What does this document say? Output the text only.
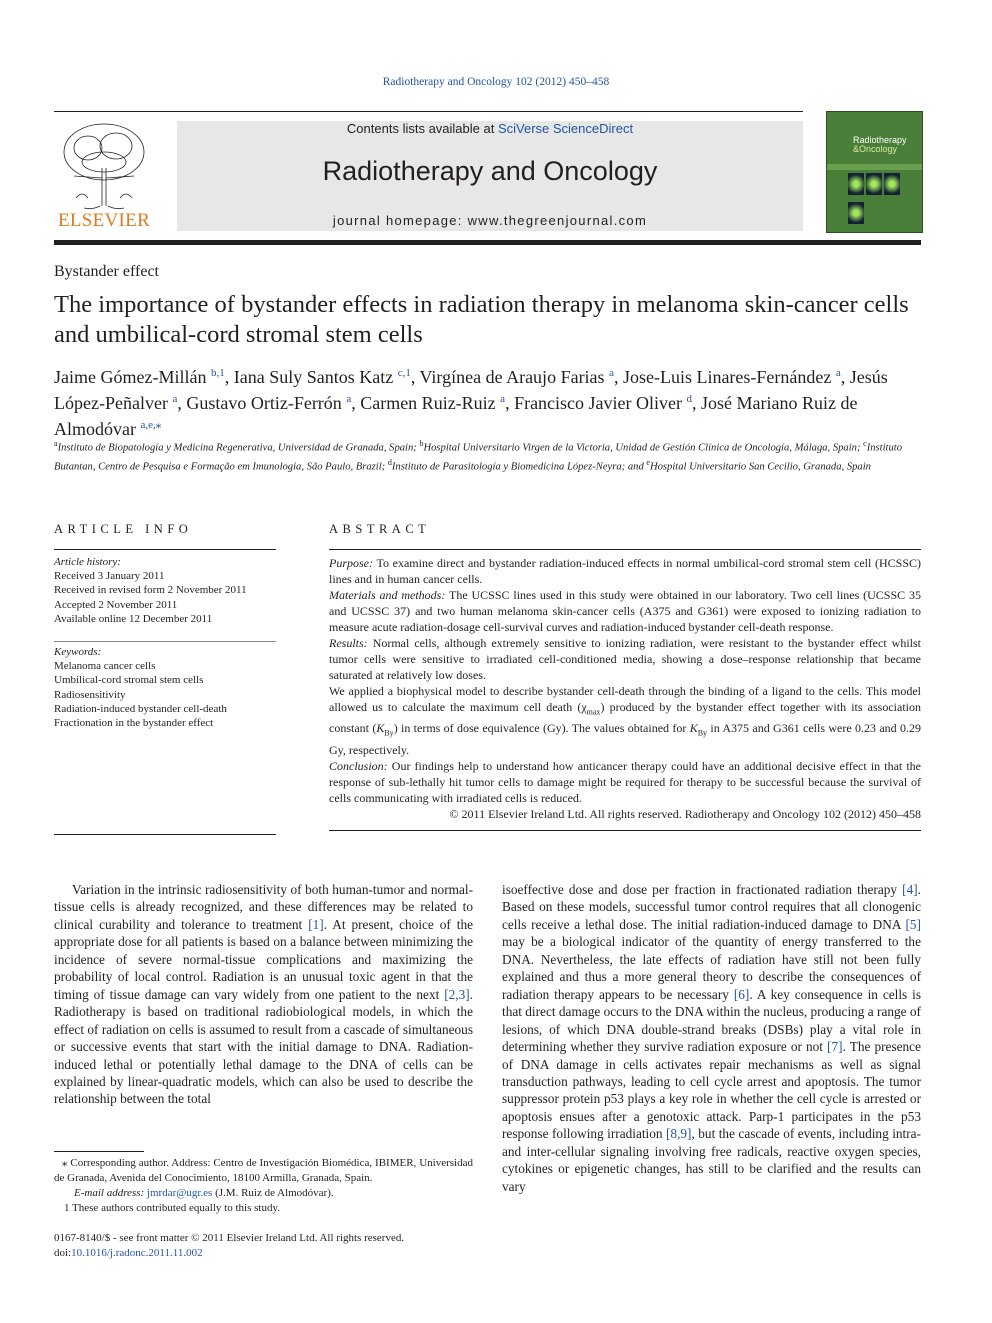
Radiotherapy and Oncology 102 (2012) 450–458
ELSEVIER
Contents lists available at SciVerse ScienceDirect
Radiotherapy and Oncology
journal homepage: www.thegreenjournal.com
Radiotherapy
&Oncology
Bystander effect
The importance of bystander effects in radiation therapy in melanoma skin-cancer cells and umbilical-cord stromal stem cells
Jaime Gómez-Millán $^{b,1}$, Iana Suly Santos Katz $^{c,1}$, Virgínea de Araujo Farias $^a$, Jose-Luis Linares-Fernández $^a$, Jesús López-Peñalver $^a$, Gustavo Ortiz-Ferrón $^a$, Carmen Ruiz-Ruiz $^a$, Francisco Javier Oliver $^d$, José Mariano Ruiz de Almodóvar $^{a,e,⁎}$
$^a$Instituto de Biopatología y Medicina Regenerativa, Universidad de Granada, Spain; $^b$Hospital Universitario Virgen de la Victoria, Unidad de Gestión Clínica de Oncología, Málaga, Spain; $^c$Instituto Butantan, Centro de Pesquisa e Formação em Imunologia, São Paulo, Brazil; $^d$Instituto de Parasitología y Biomedicina López-Neyra; and $^e$Hospital Universitario San Cecilio, Granada, Spain
ARTICLE INFO	ABSTRACT
Article history:
Received 3 January 2011
Received in revised form 2 November 2011
Accepted 2 November 2011
Available online 12 December 2011
Keywords:
Melanoma cancer cells
Umbilical-cord stromal stem cells
Radiosensitivity
Radiation-induced bystander cell-death
Fractionation in the bystander effect

Purpose: To examine direct and bystander radiation-induced effects in normal umbilical-cord stromal stem cell (HCSSC) lines and in human cancer cells.

Materials and methods: The UCSSC lines used in this study were obtained in our laboratory. Two cell lines (UCSSC 35 and UCSSC 37) and two human melanoma skin-cancer cells (A375 and G361) were exposed to ionizing radiation to measure acute radiation-dosage cell-survival curves and radiation-induced bystander cell-death response.

Results: Normal cells, although extremely sensitive to ionizing radiation, were resistant to the bystander effect whilst tumor cells were sensitive to irradiated cell-conditioned media, showing a dose–response relationship that became saturated at relatively low doses.

We applied a biophysical model to describe bystander cell-death through the binding of a ligand to the cells. This model allowed us to calculate the maximum cell death $(\chi_{max})$ produced by the bystander effect together with its association constant $(K_{By})$ in terms of dose equivalence (Gy). The values obtained for $K_{By}$ in A375 and G361 cells were 0.23 and 0.29 Gy, respectively.

Conclusion: Our findings help to understand how anticancer therapy could have an additional decisive effect in that the response of sub-lethally hit tumor cells to damage might be required for therapy to be successful because the survival of cells communicating with irradiated cells is reduced.

© 2011 Elsevier Ireland Ltd. All rights reserved. Radiotherapy and Oncology 102 (2012) 450–458

Variation in the intrinsic radiosensitivity of both human-tumor and normal-tissue cells is already recognized, and these differences may be related to clinical curability and tolerance to treatment [1]. At present, choice of the appropriate dose for all patients is based on a balance between minimizing the incidence of severe normal-tissue complications and maximizing the probability of local control. Radiation is an unusual toxic agent in that the timing of tissue damage can vary widely from one patient to the next [2,3]. Radiotherapy is based on traditional radiobiological models, in which the effect of radiation on cells is assumed to result from a cascade of simultaneous or successive events that start with the initial damage to DNA. Radiation-induced lethal or potentially lethal damage to the DNA of cells can be explained by linear-quadratic models, which can also be used to describe the relationship between the total

isoeffective dose and dose per fraction in fractionated radiation therapy [4]. Based on these models, successful tumor control requires that all clonogenic cells receive a lethal dose. The initial radiation-induced damage to DNA [5] may be a biological indicator of the quantity of energy transferred to the DNA. Nevertheless, the late effects of radiation have still not been fully explained and thus a more general theory to describe the consequences of radiation therapy appears to be necessary [6]. A key consequence in cells is that direct damage occurs to the DNA within the nucleus, producing a range of lesions, of which DNA double-strand breaks (DSBs) play a vital role in determining whether they survive radiation exposure or not [7]. The presence of DNA damage in cells activates repair mechanisms as well as signal transduction pathways, leading to cell cycle arrest and apoptosis. The tumor suppressor protein p53 plays a key role in whether the cell cycle is arrested or apoptosis ensues after a genotoxic attack. Parp-1 participates in the p53 response following irradiation [8,9], but the cascade of events, including intra- and inter-cellular signaling involving free radicals, reactive oxygen species, cytokines or epigenetic changes, has still to be clarified and the results can vary

⁎ Corresponding author. Address: Centro de Investigación Biomédica, IBIMER, Universidad de Granada, Avenida del Conocimiento, 18100 Armilla, Granada, Spain.

E-mail address: jmrdar@ugr.es (J.M. Ruiz de Almodóvar).

1 These authors contributed equally to this study.

0167-8140/$ - see front matter © 2011 Elsevier Ireland Ltd. All rights reserved.
doi:10.1016/j.radonc.2011.11.002
